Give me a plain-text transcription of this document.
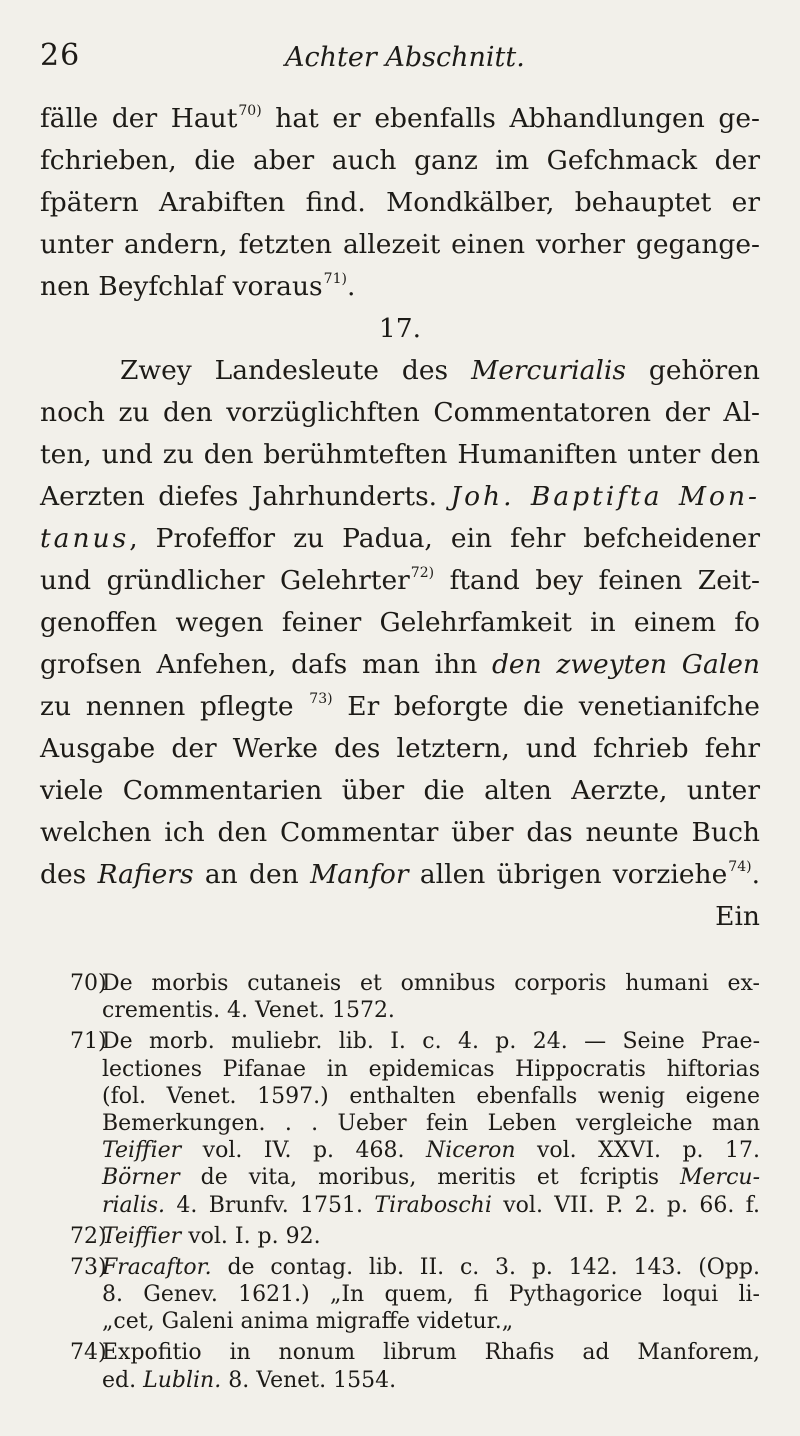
26	Achter Abschnitt.
fälle der Haut$^{70)}$ hat er ebenfalls Abhandlungen ge-
fchrieben, die aber auch ganz im Gefchmack der
fpätern Arabiften find. Mondkälber, behauptet er
unter andern, fetzten allezeit einen vorher gegange-
nen Beyfchlaf voraus$^{71)}$.
17.
Zwey Landesleute des Mercurialis gehören
noch zu den vorzüglichften Commentatoren der Al-
ten, und zu den berühmteften Humaniften unter den
Aerzten diefes Jahrhunderts. Joh. Baptifta Mon-
tanus, Profeffor zu Padua, ein fehr befcheidener
und gründlicher Gelehrter$^{72)}$ ftand bey feinen Zeit-
genoffen wegen feiner Gelehrfamkeit in einem fo
grofsen Anfehen, dafs man ihn den zweyten Galen
zu nennen pflegte $^{73)}$ Er beforgte die venetianifche
Ausgabe der Werke des letztern, und fchrieb fehr
viele Commentarien über die alten Aerzte, unter
welchen ich den Commentar über das neunte Buch
des Rafiers an den Manfor allen übrigen vorziehe$^{74)}$.
Ein
70)
De morbis cutaneis et omnibus corporis humani ex-
crementis. 4. Venet. 1572.
71)
De morb. muliebr. lib. I. c. 4. p. 24. — Seine Prae-
lectiones Pifanae in epidemicas Hippocratis hiftorias
(fol. Venet. 1597.) enthalten ebenfalls wenig eigene
Bemerkungen. . . Ueber fein Leben vergleiche man
Teiffier vol. IV. p. 468. Niceron vol. XXVI. p. 17.
Börner de vita, moribus, meritis et fcriptis Mercu-
rialis. 4. Brunfv. 1751. Tiraboschi vol. VII. P. 2. p. 66. f.
72)
Teiffier vol. I. p. 92.
73)
Fracaftor. de contag. lib. II. c. 3. p. 142. 143. (Opp.
8. Genev. 1621.) „In quem, fi Pythagorice loqui li-
„cet, Galeni anima migraffe videtur.„
74)
Expofitio in nonum librum Rhafis ad Manforem,
ed. Lublin. 8. Venet. 1554.
